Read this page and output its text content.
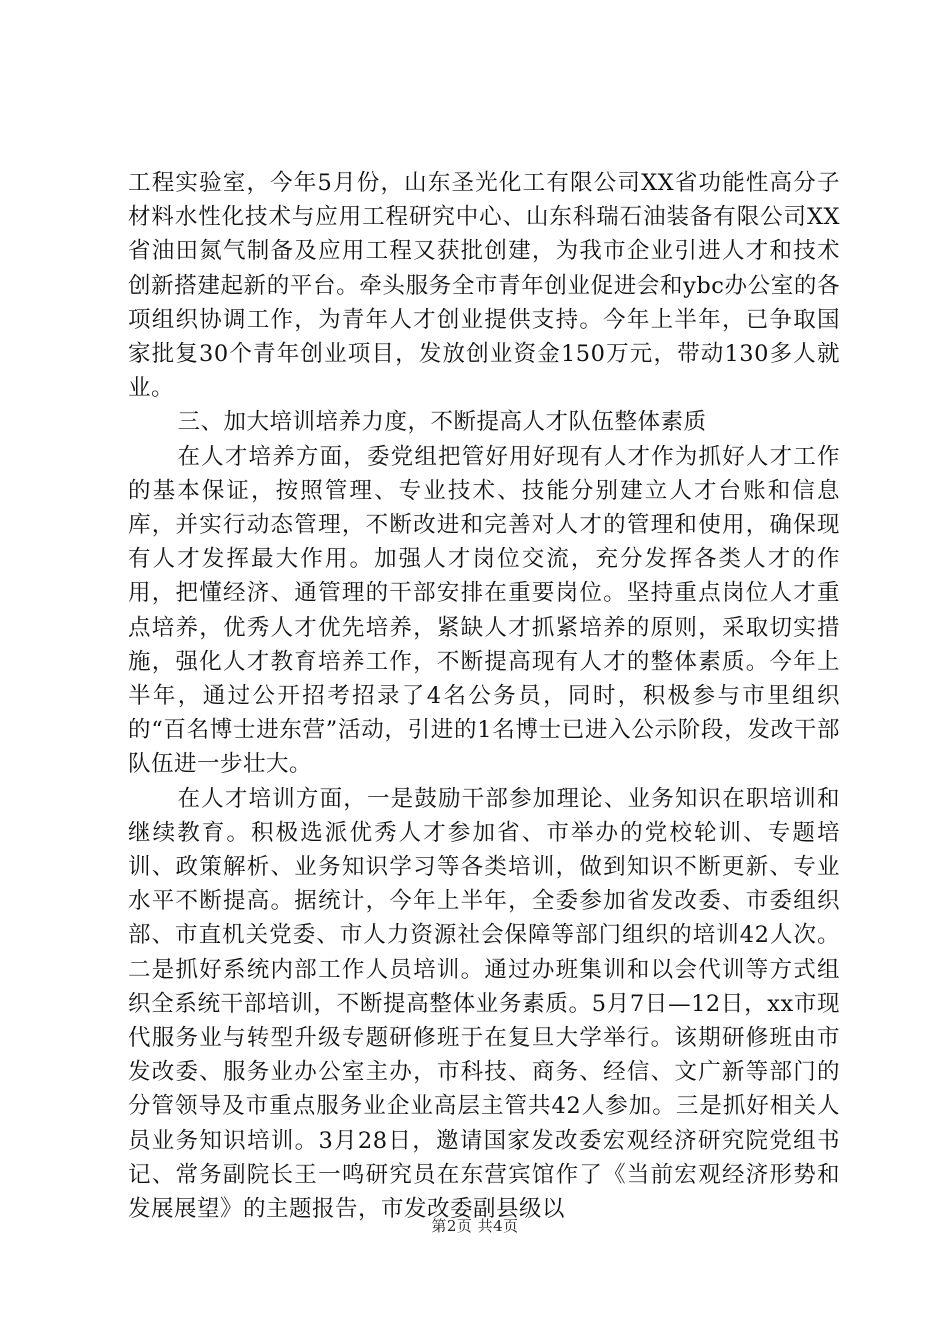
工程实验室，今年5月份，山东圣光化工有限公司XX省功能性高分子材料水性化技术与应用工程研究中心、山东科瑞石油装备有限公司XX省油田氮气制备及应用工程又获批创建，为我市企业引进人才和技术创新搭建起新的平台。牵头服务全市青年创业促进会和ybc办公室的各项组织协调工作，为青年人才创业提供支持。今年上半年，已争取国家批复30个青年创业项目，发放创业资金150万元，带动130多人就业。

三、加大培训培养力度，不断提高人才队伍整体素质

在人才培养方面，委党组把管好用好现有人才作为抓好人才工作的基本保证，按照管理、专业技术、技能分别建立人才台账和信息库，并实行动态管理，不断改进和完善对人才的管理和使用，确保现有人才发挥最大作用。加强人才岗位交流，充分发挥各类人才的作用，把懂经济、通管理的干部安排在重要岗位。坚持重点岗位人才重点培养，优秀人才优先培养，紧缺人才抓紧培养的原则，采取切实措施，强化人才教育培养工作，不断提高现有人才的整体素质。今年上半年，通过公开招考招录了4名公务员，同时，积极参与市里组织的“百名博士进东营”活动，引进的1名博士已进入公示阶段，发改干部队伍进一步壮大。

在人才培训方面，一是鼓励干部参加理论、业务知识在职培训和继续教育。积极选派优秀人才参加省、市举办的党校轮训、专题培训、政策解析、业务知识学习等各类培训，做到知识不断更新、专业水平不断提高。据统计，今年上半年，全委参加省发改委、市委组织部、市直机关党委、市人力资源社会保障等部门组织的培训42人次。二是抓好系统内部工作人员培训。通过办班集训和以会代训等方式组织全系统干部培训，不断提高整体业务素质。5月7日—12日，xx市现代服务业与转型升级专题研修班于在复旦大学举行。该期研修班由市发改委、服务业办公室主办，市科技、商务、经信、文广新等部门的分管领导及市重点服务业企业高层主管共42人参加。三是抓好相关人员业务知识培训。3月28日，邀请国家发改委宏观经济研究院党组书记、常务副院长王一鸣研究员在东营宾馆作了《当前宏观经济形势和发展展望》的主题报告，市发改委副县级以

第2页 共4页
